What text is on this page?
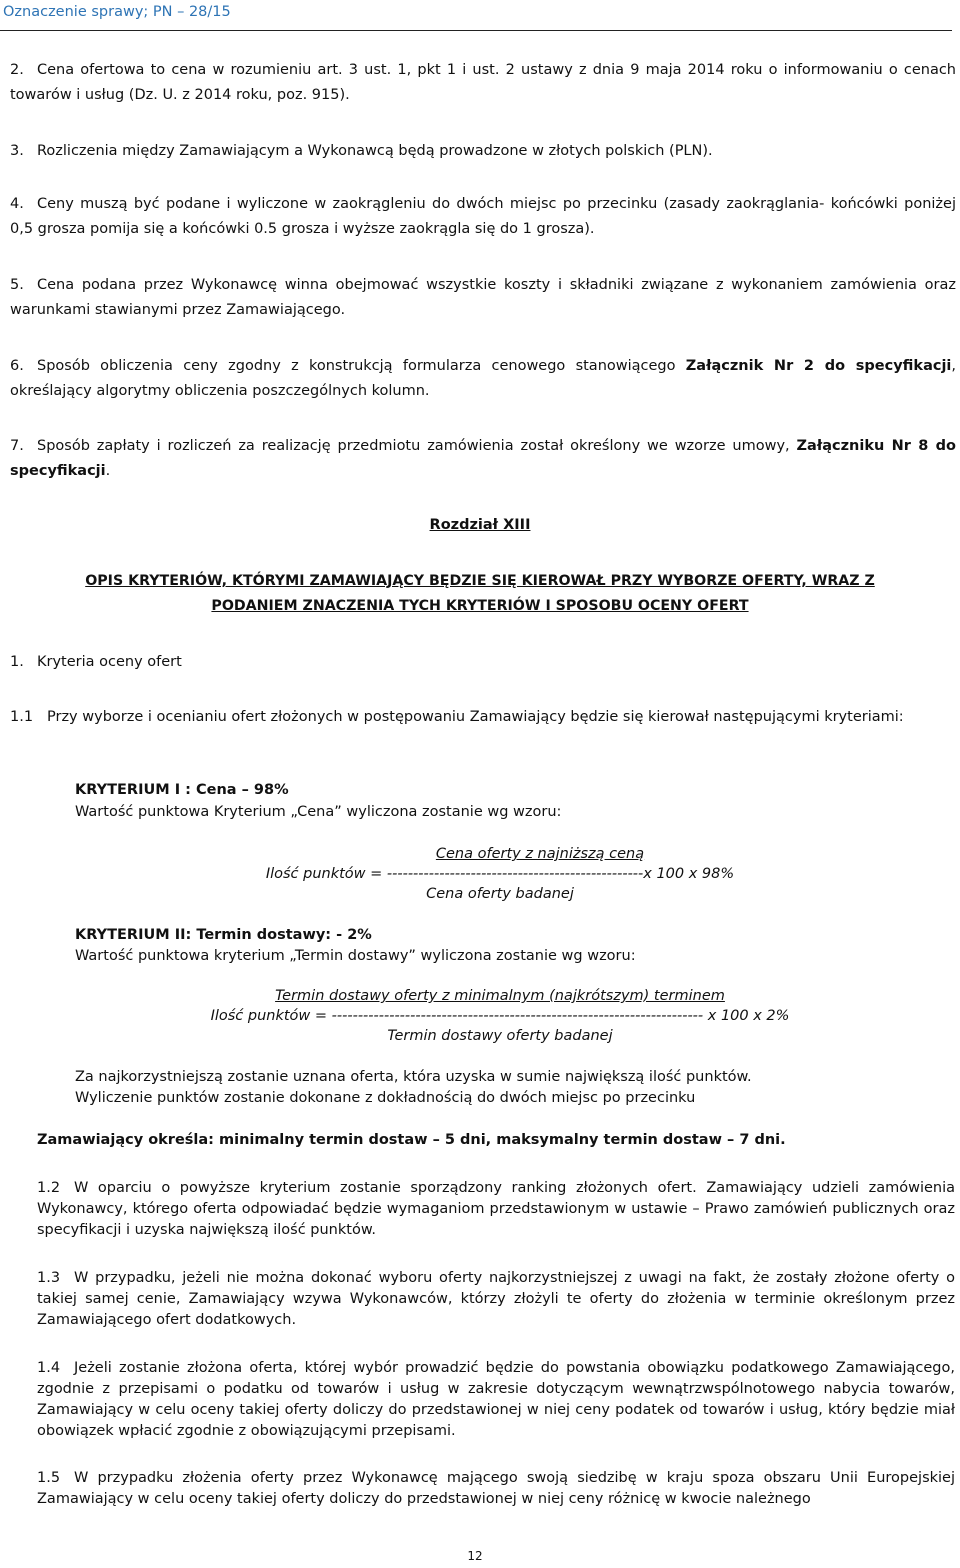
Oznaczenie sprawy; PN – 28/15
2. Cena ofertowa to cena w rozumieniu art. 3 ust. 1, pkt 1 i ust. 2 ustawy z dnia 9 maja 2014 roku o informowaniu o cenach towarów i usług (Dz. U. z 2014 roku, poz. 915).
3. Rozliczenia między Zamawiającym a Wykonawcą będą prowadzone w złotych polskich (PLN).
4. Ceny muszą być podane i wyliczone w zaokrągleniu do dwóch miejsc po przecinku (zasady zaokrąglania- końcówki poniżej 0,5 grosza pomija się a końcówki 0.5 grosza i wyższe zaokrągla się do 1 grosza).
5. Cena podana przez Wykonawcę winna obejmować wszystkie koszty i składniki związane z wykonaniem zamówienia oraz warunkami stawianymi przez Zamawiającego.
6. Sposób obliczenia ceny zgodny z konstrukcją formularza cenowego stanowiącego Załącznik Nr 2 do specyfikacji, określający algorytmy obliczenia poszczególnych kolumn.
7. Sposób zapłaty i rozliczeń za realizację przedmiotu zamówienia został określony we wzorze umowy, Załączniku Nr 8 do specyfikacji.
Rozdział XIII
OPIS KRYTERIÓW, KTÓRYMI ZAMAWIAJĄCY BĘDZIE SIĘ KIEROWAŁ PRZY WYBORZE OFERTY, WRAZ Z
PODANIEM ZNACZENIA TYCH KRYTERIÓW I SPOSOBU OCENY OFERT
1. Kryteria oceny ofert
1.1 Przy wyborze i ocenianiu ofert złożonych w postępowaniu Zamawiający będzie się kierował następującymi kryteriami:
KRYTERIUM I : Cena – 98%
Wartość punktowa Kryterium „Cena” wyliczona zostanie wg wzoru:
Cena oferty z najniższą ceną
Ilość punktów = -------------------------------------------------x 100 x 98%
Cena oferty badanej
KRYTERIUM II: Termin dostawy: - 2%
Wartość punktowa kryterium „Termin dostawy” wyliczona zostanie wg wzoru:
Termin dostawy oferty z minimalnym (najkrótszym) terminem
Ilość punktów = ----------------------------------------------------------------------- x 100 x 2%
Termin dostawy oferty badanej
Za najkorzystniejszą zostanie uznana oferta, która uzyska w sumie największą ilość punktów.
Wyliczenie punktów zostanie dokonane z dokładnością do dwóch miejsc po przecinku
Zamawiający określa: minimalny termin dostaw – 5 dni, maksymalny termin dostaw – 7 dni.
1.2 W oparciu o powyższe kryterium zostanie sporządzony ranking złożonych ofert. Zamawiający udzieli zamówienia Wykonawcy, którego oferta odpowiadać będzie wymaganiom przedstawionym w ustawie – Prawo zamówień publicznych oraz specyfikacji i uzyska największą ilość punktów.
1.3 W przypadku, jeżeli nie można dokonać wyboru oferty najkorzystniejszej z uwagi na fakt, że zostały złożone oferty o takiej samej cenie, Zamawiający wzywa Wykonawców, którzy złożyli te oferty do złożenia w terminie określonym przez Zamawiającego ofert dodatkowych.
1.4 Jeżeli zostanie złożona oferta, której wybór prowadzić będzie do powstania obowiązku podatkowego Zamawiającego, zgodnie z przepisami o podatku od towarów i usług w zakresie dotyczącym wewnątrzwspólnotowego nabycia towarów, Zamawiający w celu oceny takiej oferty doliczy do przedstawionej w niej ceny podatek od towarów i usług, który będzie miał obowiązek wpłacić zgodnie z obowiązującymi przepisami.
1.5 W przypadku złożenia oferty przez Wykonawcę mającego swoją siedzibę w kraju spoza obszaru Unii Europejskiej Zamawiający w celu oceny takiej oferty doliczy do przedstawionej w niej ceny różnicę w kwocie należnego
12
